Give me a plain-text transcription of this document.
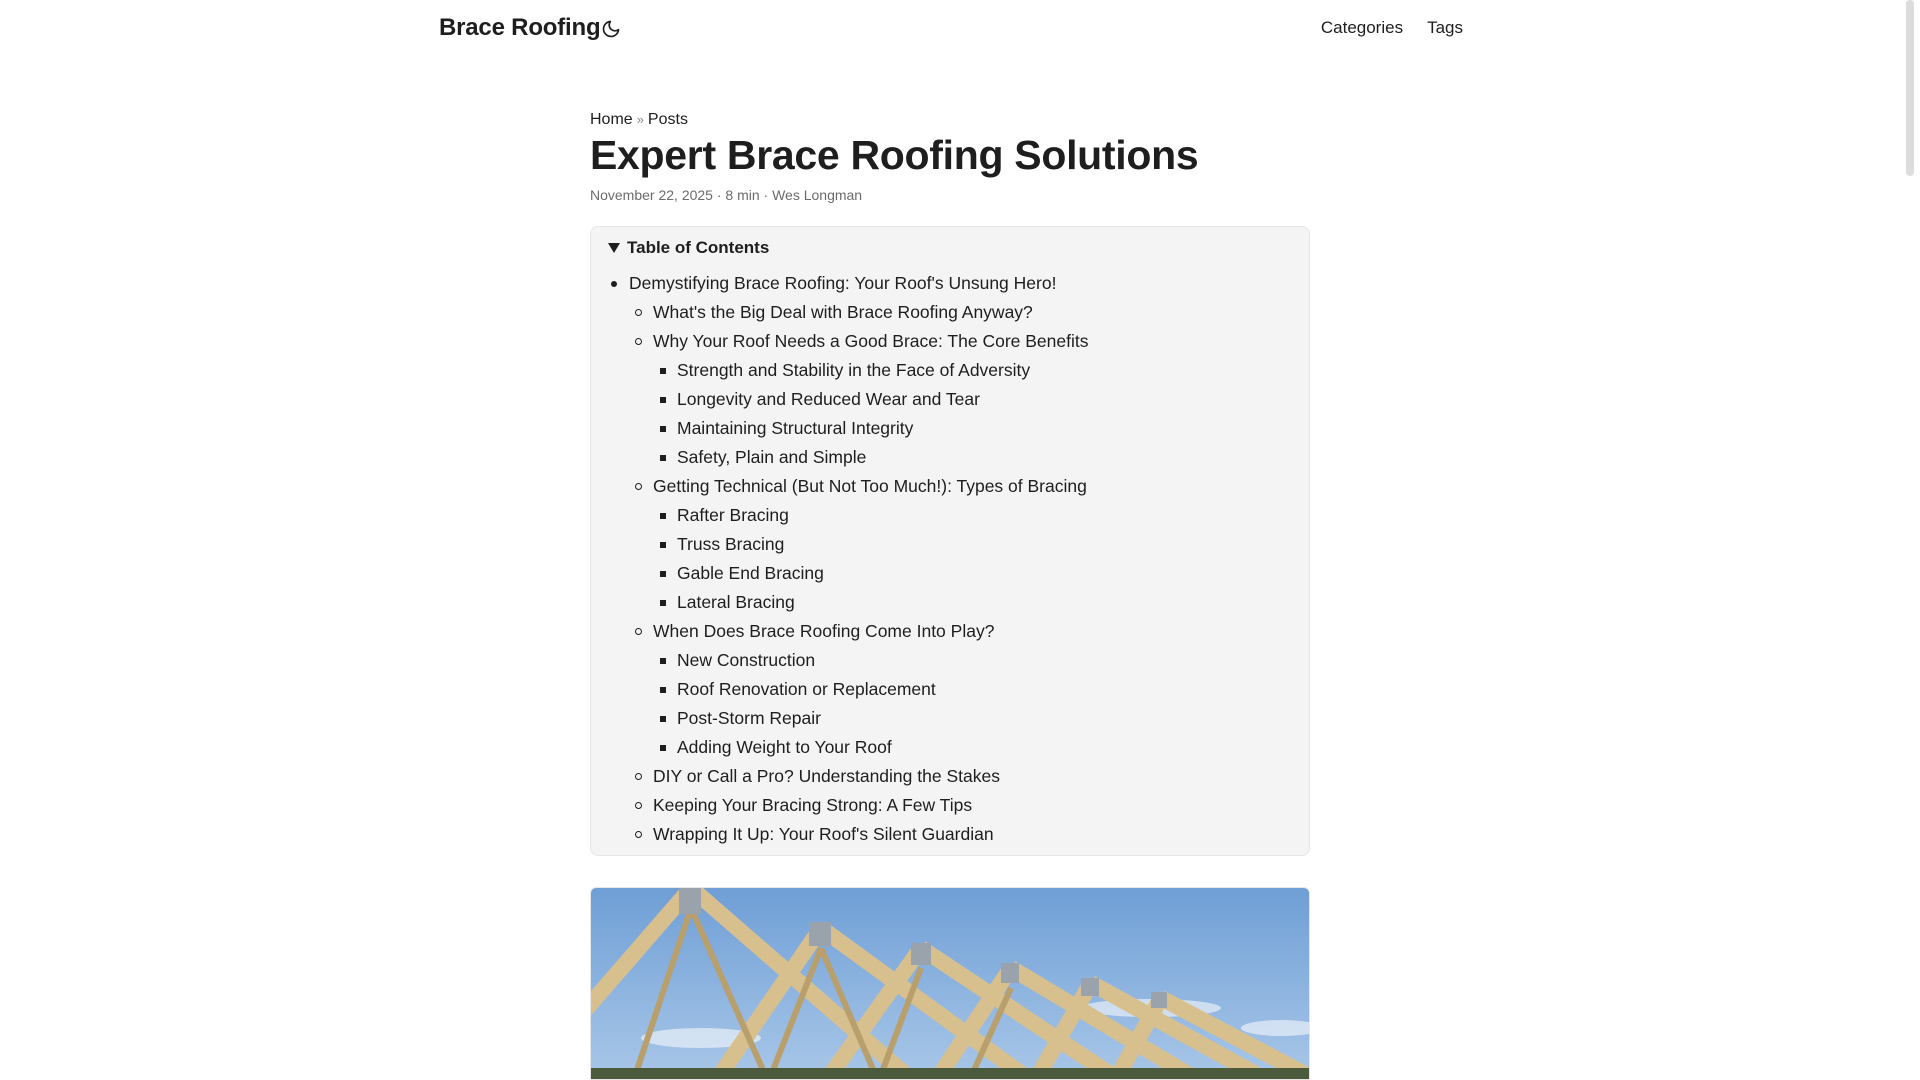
Brace Roofing	Categories Tags
Home » Posts
Expert Brace Roofing Solutions
November 22, 2025 · 8 min · Wes Longman
Table of Contents
Demystifying Brace Roofing: Your Roof's Unsung Hero!
What's the Big Deal with Brace Roofing Anyway?
Why Your Roof Needs a Good Brace: The Core Benefits
Strength and Stability in the Face of Adversity
Longevity and Reduced Wear and Tear
Maintaining Structural Integrity
Safety, Plain and Simple
Getting Technical (But Not Too Much!): Types of Bracing
Rafter Bracing
Truss Bracing
Gable End Bracing
Lateral Bracing
When Does Brace Roofing Come Into Play?
New Construction
Roof Renovation or Replacement
Post-Storm Repair
Adding Weight to Your Roof
DIY or Call a Pro? Understanding the Stakes
Keeping Your Bracing Strong: A Few Tips
Wrapping It Up: Your Roof's Silent Guardian
